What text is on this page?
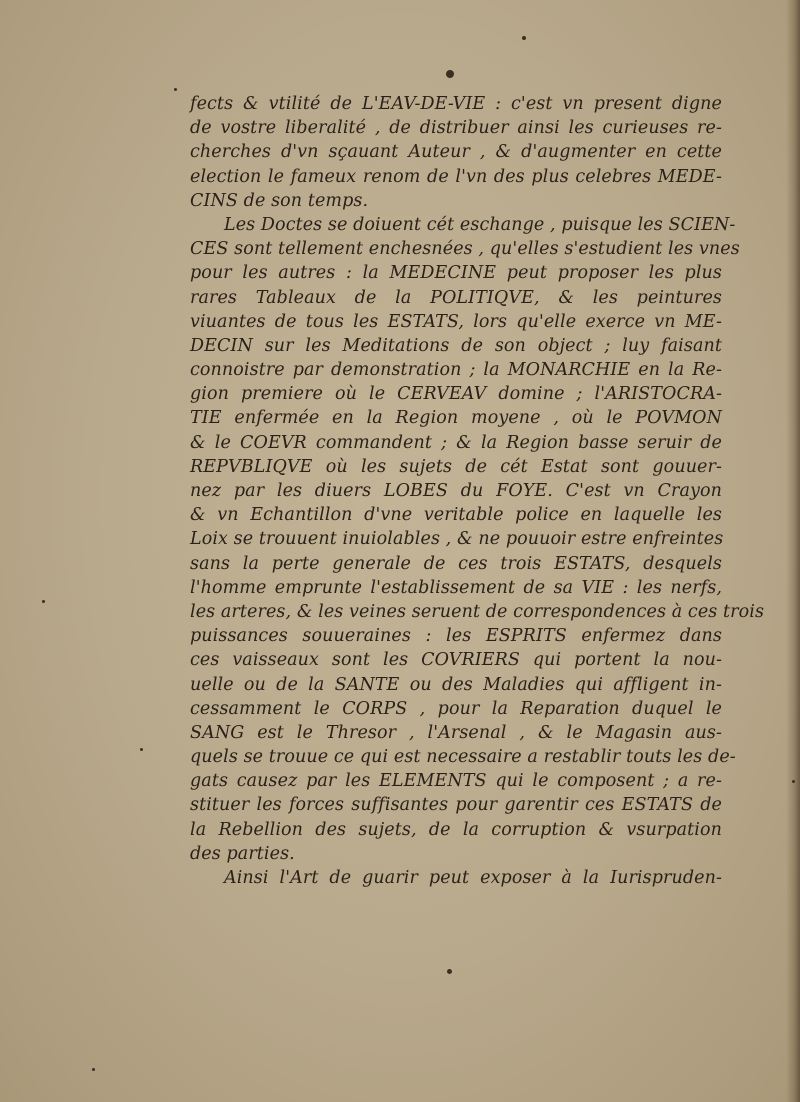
fects & vtilité de L'EAV-DE-VIE : c'est vn present digne
de vostre liberalité , de distribuer ainsi les curieuses re-
cherches d'vn sçauant Auteur , & d'augmenter en cette
election le fameux renom de l'vn des plus celebres MEDE-
CINS de son temps.
Les Doctes se doiuent cét eschange , puisque les SCIEN-
CES sont tellement enchesnées , qu'elles s'estudient les vnes
pour les autres : la MEDECINE peut proposer les plus
rares Tableaux de la POLITIQVE, & les peintures
viuantes de tous les ESTATS, lors qu'elle exerce vn ME-
DECIN sur les Meditations de son object ; luy faisant
connoistre par demonstration ; la MONARCHIE en la Re-
gion premiere où le CERVEAV domine ; l'ARISTOCRA-
TIE enfermée en la Region moyene , où le POVMON
& le COEVR commandent ; & la Region basse seruir de
REPVBLIQVE où les sujets de cét Estat sont gouuer-
nez par les diuers LOBES du FOYE. C'est vn Crayon
& vn Echantillon d'vne veritable police en laquelle les
Loix se trouuent inuiolables , & ne pouuoir estre enfreintes
sans la perte generale de ces trois ESTATS, desquels
l'homme emprunte l'establissement de sa VIE : les nerfs,
les arteres, & les veines seruent de correspondences à ces trois
puissances souueraines : les ESPRITS enfermez dans
ces vaisseaux sont les COVRIERS qui portent la nou-
uelle ou de la SANTE ou des Maladies qui affligent in-
cessamment le CORPS , pour la Reparation duquel le
SANG est le Thresor , l'Arsenal , & le Magasin aus-
quels se trouue ce qui est necessaire a restablir touts les de-
gats causez par les ELEMENTS qui le composent ; a re-
stituer les forces suffisantes pour garentir ces ESTATS de
la Rebellion des sujets, de la corruption & vsurpation
des parties.
Ainsi l'Art de guarir peut exposer à la Iurispruden-
